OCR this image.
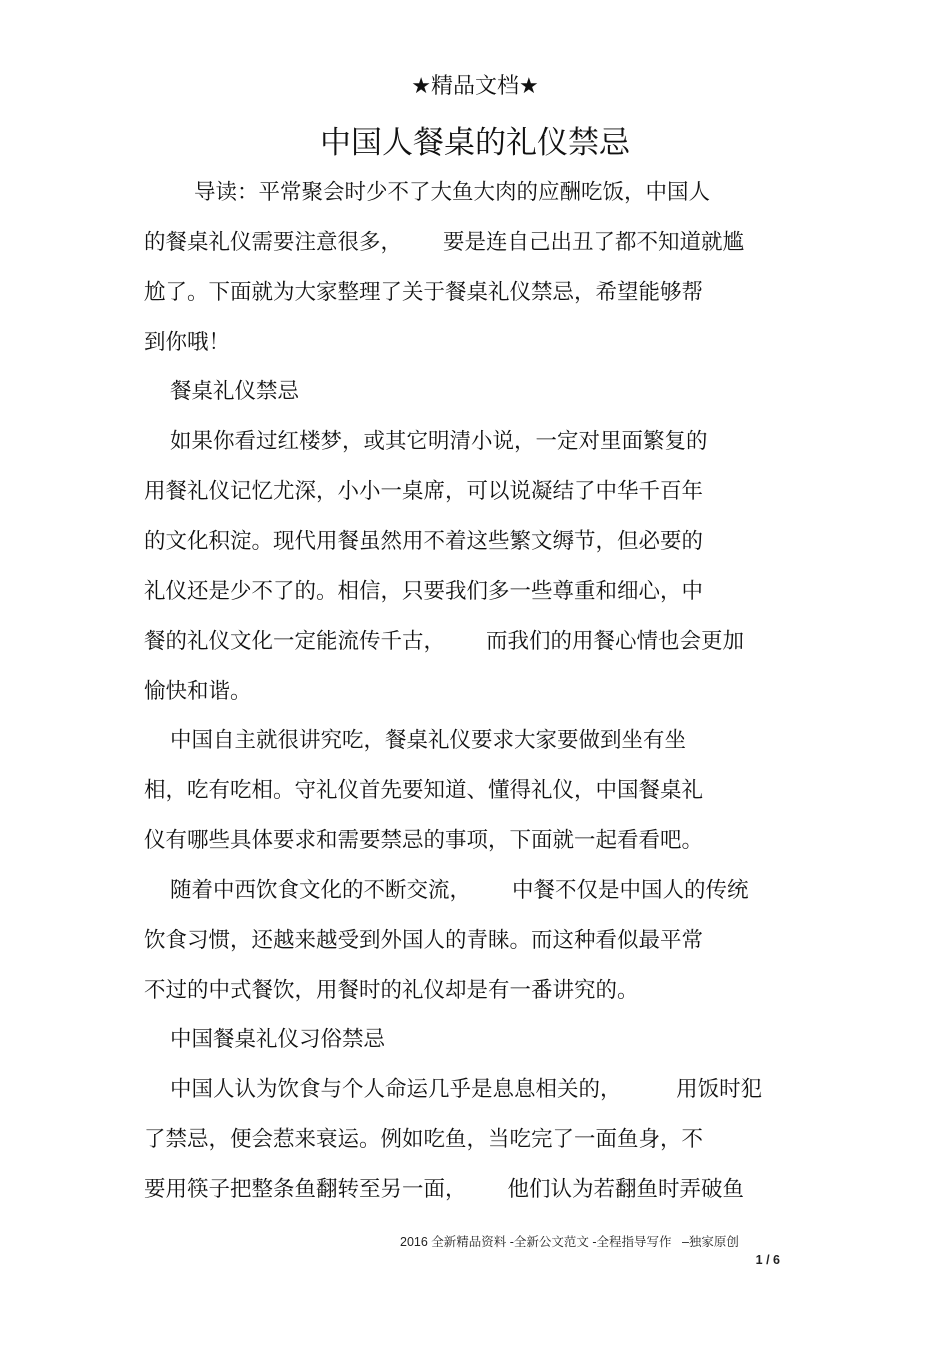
★精品文档★
中国人餐桌的礼仪禁忌
导读：平常聚会时少不了大鱼大肉的应酬吃饭，中国人
的餐桌礼仪需要注意很多，      要是连自己出丑了都不知道就尴
尬了。下面就为大家整理了关于餐桌礼仪禁忌，希望能够帮
到你哦！
餐桌礼仪禁忌
如果你看过红楼梦，或其它明清小说，一定对里面繁复的
用餐礼仪记忆尤深，小小一桌席，可以说凝结了中华千百年
的文化积淀。现代用餐虽然用不着这些繁文缛节，但必要的
礼仪还是少不了的。相信，只要我们多一些尊重和细心，中
餐的礼仪文化一定能流传千古，      而我们的用餐心情也会更加
愉快和谐。
中国自主就很讲究吃，餐桌礼仪要求大家要做到坐有坐
相，吃有吃相。守礼仪首先要知道、懂得礼仪，中国餐桌礼
仪有哪些具体要求和需要禁忌的事项，下面就一起看看吧。
随着中西饮食文化的不断交流，      中餐不仅是中国人的传统
饮食习惯，还越来越受到外国人的青睐。而这种看似最平常
不过的中式餐饮，用餐时的礼仪却是有一番讲究的。
中国餐桌礼仪习俗禁忌
中国人认为饮食与个人命运几乎是息息相关的，        用饭时犯
了禁忌，便会惹来衰运。例如吃鱼，当吃完了一面鱼身，不
要用筷子把整条鱼翻转至另一面，      他们认为若翻鱼时弄破鱼
2016 全新精品资料 -全新公文范文 -全程指导写作   –独家原创
1 / 6
